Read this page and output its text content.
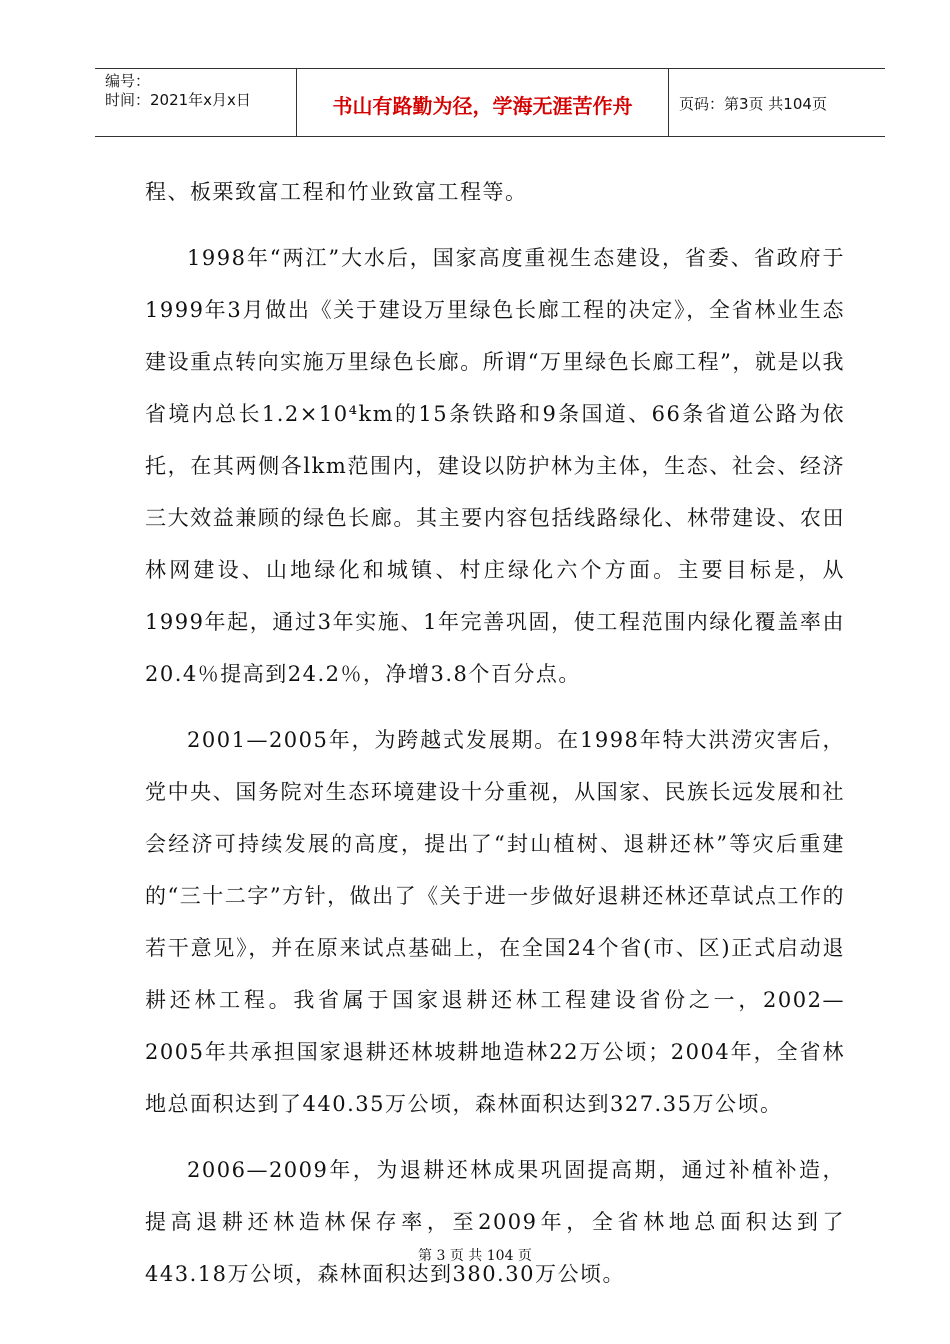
编号：
时间：2021年x月x日	书山有路勤为径，学海无涯苦作舟	页码：第3页 共104页

程、板栗致富工程和竹业致富工程等。

1998年“两江”大水后，国家高度重视生态建设，省委、省政府于1999年3月做出《关于建设万里绿色长廊工程的决定》，全省林业生态建设重点转向实施万里绿色长廊。所谓“万里绿色长廊工程”，就是以我省境内总长1.2×10⁴km的15条铁路和9条国道、66条省道公路为依托，在其两侧各lkm范围内，建设以防护林为主体，生态、社会、经济三大效益兼顾的绿色长廊。其主要内容包括线路绿化、林带建设、农田林网建设、山地绿化和城镇、村庄绿化六个方面。主要目标是，从1999年起，通过3年实施、1年完善巩固，使工程范围内绿化覆盖率由20.4％提高到24.2％，净增3.8个百分点。

2001—2005年，为跨越式发展期。在1998年特大洪涝灾害后，党中央、国务院对生态环境建设十分重视，从国家、民族长远发展和社会经济可持续发展的高度，提出了“封山植树、退耕还林”等灾后重建的“三十二字”方针，做出了《关于进一步做好退耕还林还草试点工作的若干意见》，并在原来试点基础上，在全国24个省(市、区)正式启动退耕还林工程。我省属于国家退耕还林工程建设省份之一，2002—2005年共承担国家退耕还林坡耕地造林22万公顷；2004年，全省林地总面积达到了440.35万公顷，森林面积达到327.35万公顷。

2006—2009年，为退耕还林成果巩固提高期，通过补植补造，提高退耕还林造林保存率，至2009年，全省林地总面积达到了443.18万公顷，森林面积达到380.30万公顷。

第 3 页 共 104 页
